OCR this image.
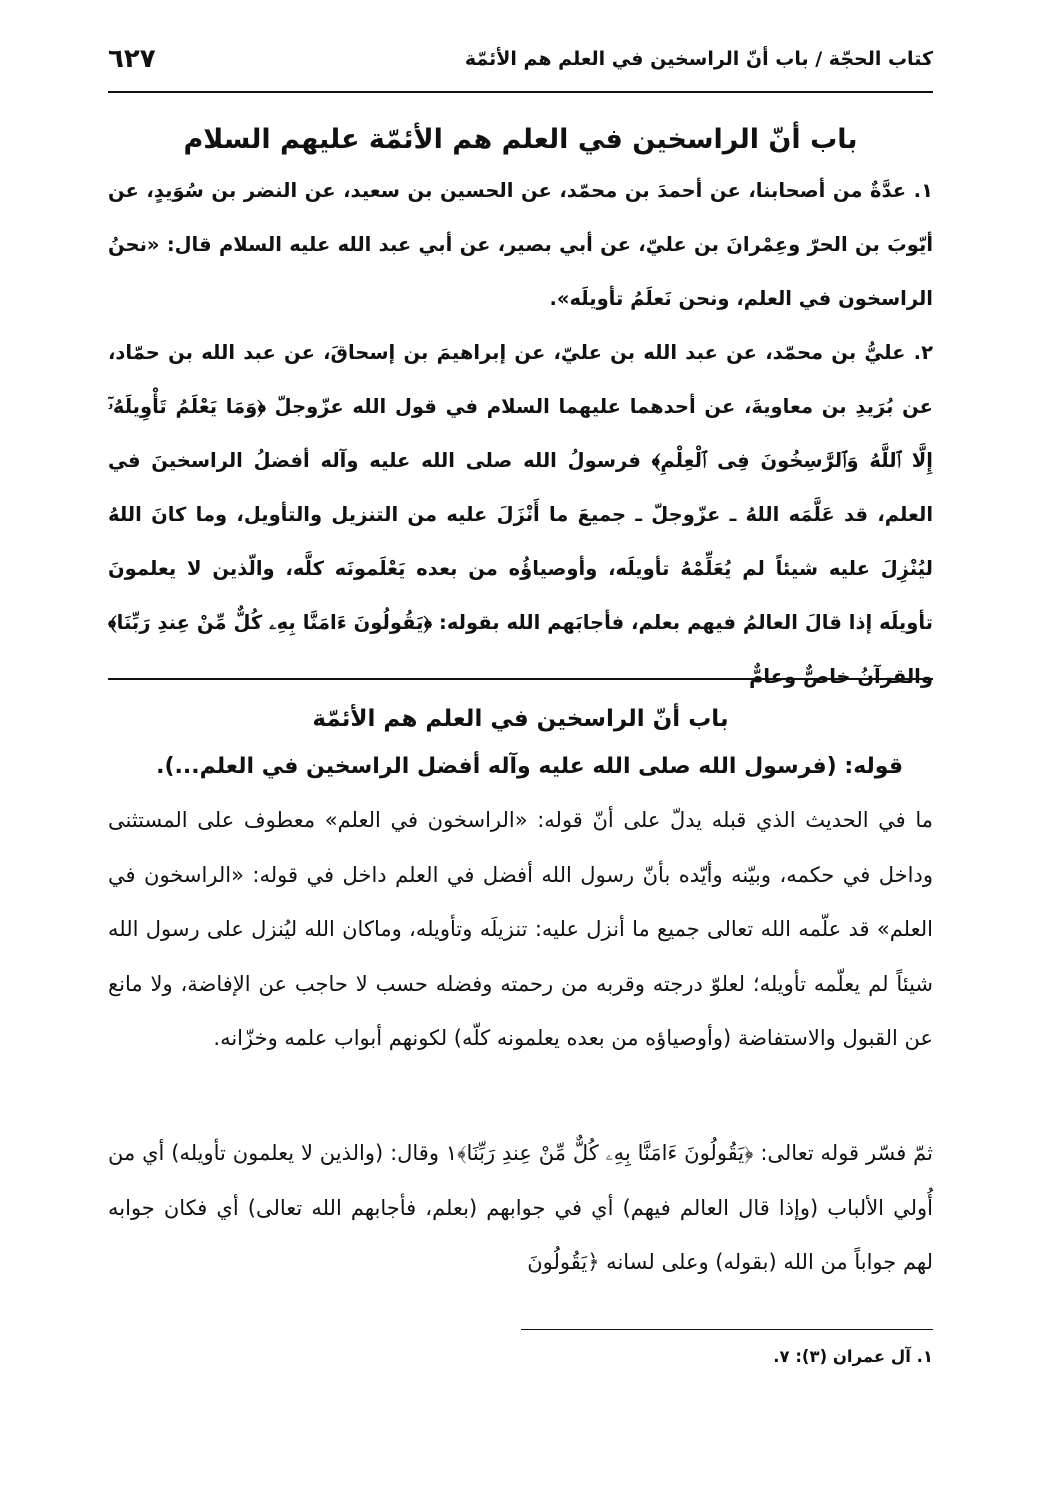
كتاب الحجّة / باب أنّ الراسخين في العلم هم الأئمّة
٦٢٧
باب أنّ الراسخين في العلم هم الأئمّة عليهم السلام
١. عدَّةٌ من أصحابنا، عن أحمدَ بن محمّد، عن الحسين بن سعيد، عن النضر بن سُوَيدٍ، عن أيّوبَ بن الحرّ وعِمْرانَ بن عليّ، عن أبي بصير، عن أبي عبد الله عليه السلام قال: «نحنُ الراسخون في العلم، ونحن نَعلَمُ تأويلَه».
٢. عليُّ بن محمّد، عن عبد الله بن عليّ، عن إبراهيمَ بن إسحاقَ، عن عبد الله بن حمّاد، عن بُرَيدِ بن معاويةَ، عن أحدهما عليهما السلام في قول الله عزّوجلّ ﴿وَمَا يَعْلَمُ تَأْوِيلَهُۥٓ إِلَّا ٱللَّهُ وَٱلرَّٰسِخُونَ فِى ٱلْعِلْمِ﴾ فرسولُ الله صلى الله عليه وآله أفضلُ الراسخينَ في العلم، قد عَلَّمَه اللهُ ـ عزّوجلّ ـ جميعَ ما أَنْزَلَ عليه من التنزيل والتأويل، وما كانَ اللهُ ليُنْزِلَ عليه شيئاً لم يُعَلِّمْهُ تأويلَه، وأوصياؤُه من بعده يَعْلَمونَه كلَّه، والّذين لا يعلمونَ تأويلَه إذا قالَ العالمُ فيهم بعلم، فأجابَهم الله بقوله: ﴿يَقُولُونَ ءَامَنَّا بِهِۦ كُلٌّ مِّنْ عِندِ رَبِّنَا﴾ والقرآنُ خاصٌّ وعامٌّ
باب أنّ الراسخين في العلم هم الأئمّة
قوله: (فرسول الله صلى الله عليه وآله أفضل الراسخين في العلم...).
ما في الحديث الذي قبله يدلّ على أنّ قوله: «الراسخون في العلم» معطوف على المستثنى وداخل في حكمه، وبيّنه وأيّده بأنّ رسول الله أفضل في العلم داخل في قوله: «الراسخون في العلم» قد علّمه الله تعالى جميع ما أنزل عليه: تنزيلَه وتأويله، وماكان الله ليُنزل على رسول الله شيئاً لم يعلّمه تأويله؛ لعلوّ درجته وقربه من رحمته وفضله حسب لا حاجب عن الإفاضة، ولا مانع عن القبول والاستفاضة (وأوصياؤه من بعده يعلمونه كلّه) لكونهم أبواب علمه وخزّانه.
ثمّ فسّر قوله تعالى: ﴿يَقُولُونَ ءَامَنَّا بِهِۦ كُلٌّ مِّنْ عِندِ رَبِّنَا﴾١ وقال: (والذين لا يعلمون تأويله) أي من أُولي الألباب (وإذا قال العالم فيهم) أي في جوابهم (بعلم، فأجابهم الله تعالى) أي فكان جوابه لهم جواباً من الله (بقوله) وعلى لسانه ﴿يَقُولُونَ
١. آل عمران (٣): ٧.
